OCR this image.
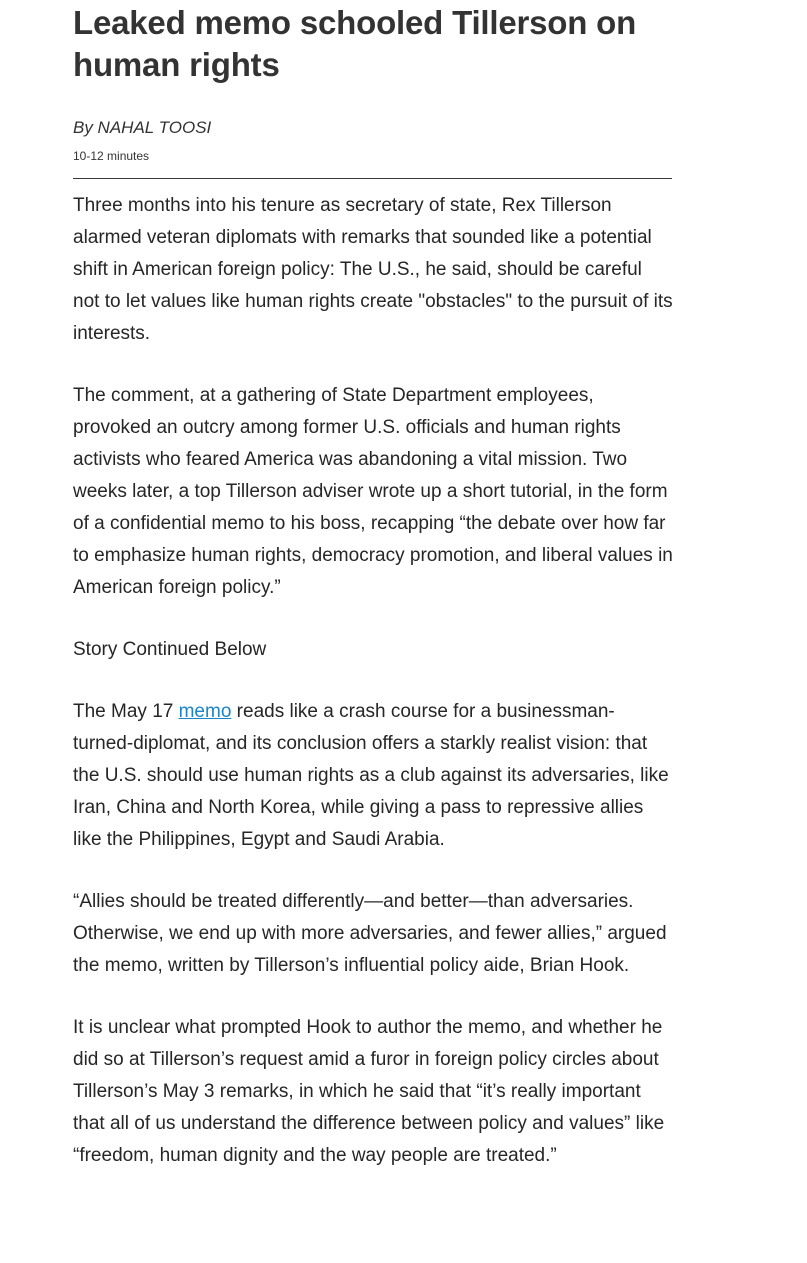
Leaked memo schooled Tillerson on human rights
By NAHAL TOOSI
10-12 minutes

Three months into his tenure as secretary of state, Rex Tillerson alarmed veteran diplomats with remarks that sounded like a potential shift in American foreign policy: The U.S., he said, should be careful not to let values like human rights create "obstacles" to the pursuit of its interests.

The comment, at a gathering of State Department employees, provoked an outcry among former U.S. officials and human rights activists who feared America was abandoning a vital mission. Two weeks later, a top Tillerson adviser wrote up a short tutorial, in the form of a confidential memo to his boss, recapping “the debate over how far to emphasize human rights, democracy promotion, and liberal values in American foreign policy.”

Story Continued Below

The May 17 memo reads like a crash course for a businessman-turned-diplomat, and its conclusion offers a starkly realist vision: that the U.S. should use human rights as a club against its adversaries, like Iran, China and North Korea, while giving a pass to repressive allies like the Philippines, Egypt and Saudi Arabia.

“Allies should be treated differently—and better—than adversaries. Otherwise, we end up with more adversaries, and fewer allies,” argued the memo, written by Tillerson’s influential policy aide, Brian Hook.

It is unclear what prompted Hook to author the memo, and whether he did so at Tillerson’s request amid a furor in foreign policy circles about Tillerson’s May 3 remarks, in which he said that “it’s really important that all of us understand the difference between policy and values” like “freedom, human dignity and the way people are treated.”
